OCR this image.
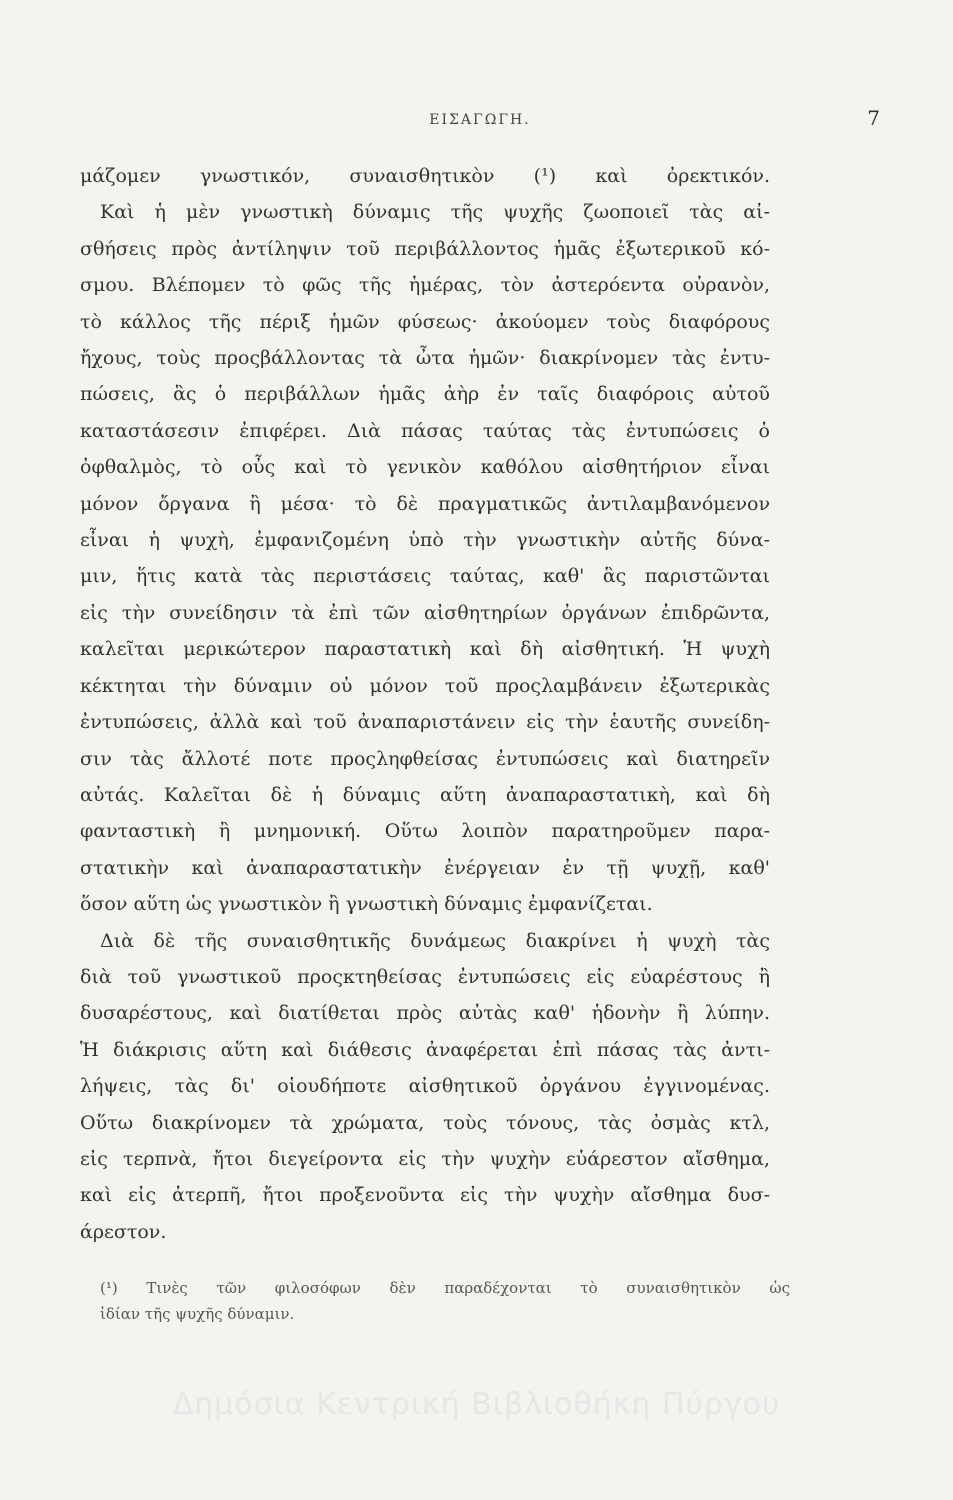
ΕΙΣΑΓΩΓΗ.	7
μάζομεν γνωστικόν, συναισθητικὸν (¹) καὶ ὀρεκτικόν.
Καὶ ἡ μὲν γνωστικὴ δύναμις τῆς ψυχῆς ζωοποιεῖ τὰς αἰ-
σθήσεις πρὸς ἀντίληψιν τοῦ περιβάλλοντος ἡμᾶς ἐξωτερικοῦ κό-
σμου. Βλέπομεν τὸ φῶς τῆς ἡμέρας, τὸν ἀστερόεντα οὐρανὸν,
τὸ κάλλος τῆς πέριξ ἡμῶν φύσεως· ἀκούομεν τοὺς διαφόρους
ἤχους, τοὺς προςβάλλοντας τὰ ὦτα ἡμῶν· διακρίνομεν τὰς ἐντυ-
πώσεις, ἃς ὁ περιβάλλων ἡμᾶς ἀὴρ ἐν ταῖς διαφόροις αὐτοῦ
καταστάσεσιν ἐπιφέρει. Διὰ πάσας ταύτας τὰς ἐντυπώσεις ὁ
ὀφθαλμὸς, τὸ οὖς καὶ τὸ γενικὸν καθόλου αἰσθητήριον εἶναι
μόνον ὄργανα ἢ μέσα· τὸ δὲ πραγματικῶς ἀντιλαμβανόμενον
εἶναι ἡ ψυχὴ, ἐμφανιζομένη ὑπὸ τὴν γνωστικὴν αὐτῆς δύνα-
μιν, ἥτις κατὰ τὰς περιστάσεις ταύτας, καθ' ἃς παριστῶνται
εἰς τὴν συνείδησιν τὰ ἐπὶ τῶν αἰσθητηρίων ὀργάνων ἐπιδρῶντα,
καλεῖται μερικώτερον παραστατικὴ καὶ δὴ αἰσθητική. Ἡ ψυχὴ
κέκτηται τὴν δύναμιν οὐ μόνον τοῦ προςλαμβάνειν ἐξωτερικὰς
ἐντυπώσεις, ἀλλὰ καὶ τοῦ ἀναπαριστάνειν εἰς τὴν ἑαυτῆς συνείδη-
σιν τὰς ἄλλοτέ ποτε προςληφθείσας ἐντυπώσεις καὶ διατηρεῖν
αὐτάς. Καλεῖται δὲ ἡ δύναμις αὕτη ἀναπαραστατικὴ, καὶ δὴ
φανταστικὴ ἢ μνημονική. Οὕτω λοιπὸν παρατηροῦμεν παρα-
στατικὴν καὶ ἀναπαραστατικὴν ἐνέργειαν ἐν τῇ ψυχῇ, καθ'
ὅσον αὕτη ὡς γνωστικὸν ἢ γνωστικὴ δύναμις ἐμφανίζεται.
Διὰ δὲ τῆς συναισθητικῆς δυνάμεως διακρίνει ἡ ψυχὴ τὰς
διὰ τοῦ γνωστικοῦ προςκτηθείσας ἐντυπώσεις εἰς εὐαρέστους ἢ
δυσαρέστους, καὶ διατίθεται πρὸς αὐτὰς καθ' ἡδονὴν ἢ λύπην.
Ἡ διάκρισις αὕτη καὶ διάθεσις ἀναφέρεται ἐπὶ πάσας τὰς ἀντι-
λήψεις, τὰς δι' οἱουδήποτε αἰσθητικοῦ ὀργάνου ἐγγινομένας.
Οὕτω διακρίνομεν τὰ χρώματα, τοὺς τόνους, τὰς ὀσμὰς κτλ,
εἰς τερπνὰ, ἤτοι διεγείροντα εἰς τὴν ψυχὴν εὐάρεστον αἴσθημα,
καὶ εἰς ἀτερπῆ, ἤτοι προξενοῦντα εἰς τὴν ψυχὴν αἴσθημα δυσ-
άρεστον.
(¹) Τινὲς τῶν φιλοσόφων δὲν παραδέχονται τὸ συναισθητικὸν ὡς
ἰδίαν τῆς ψυχῆς δύναμιν.
Δημόσια Κεντρική Βιβλιοθήκη Πύργου
